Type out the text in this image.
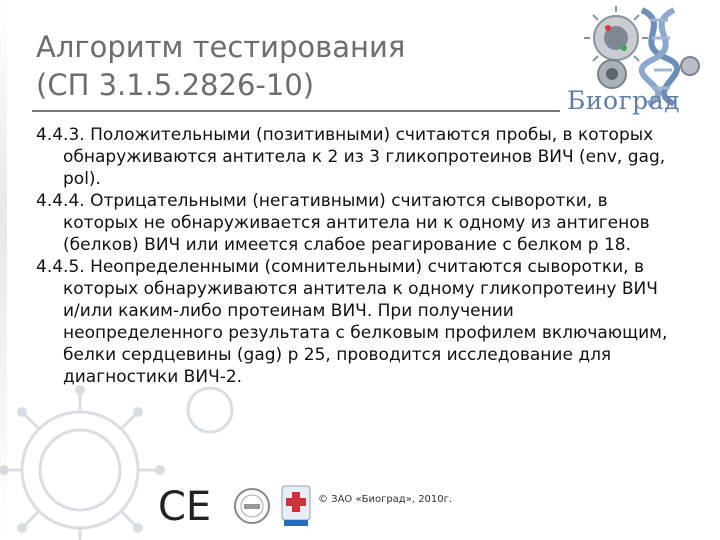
Алгоритм тестирования
(СП 3.1.5.2826-10)	Биоград

4.4.3. Положительными (позитивными) считаются пробы, в которых обнаруживаются антитела к 2 из 3 гликопротеинов ВИЧ (env, gag, pol).

4.4.4. Отрицательными (негативными) считаются сыворотки, в которых не обнаруживается антитела ни к одному из антигенов (белков) ВИЧ или имеется слабое реагирование с белком р 18.

4.4.5. Неопределенными (сомнительными) считаются сыворотки, в которых обнаруживаются антитела к одному гликопротеину ВИЧ и/или каким-либо протеинам ВИЧ. При получении неопределенного результата с белковым профилем включающим, белки сердцевины (gag) р 25, проводится исследование для диагностики ВИЧ-2.

CE	© ЗАО «Биоград», 2010г.
